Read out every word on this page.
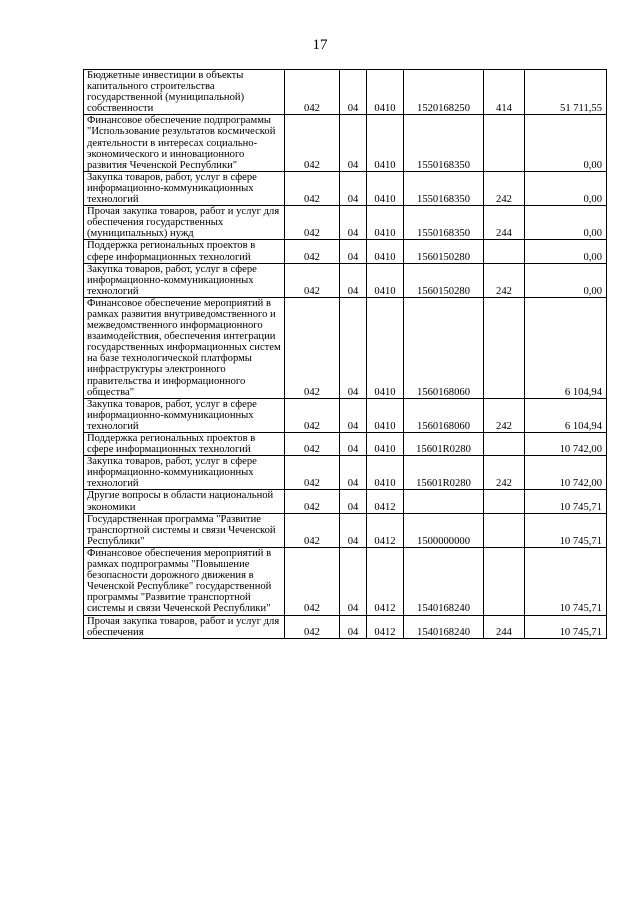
17
Бюджетные инвестиции в объекты капитального строительства государственной (муниципальной) собственности	042	04	0410	1520168250	414	51 711,55
Финансовое обеспечение подпрограммы "Использование результатов космической деятельности в интересах социально-экономического и инновационного развития Чеченской Республики"	042	04	0410	1550168350		0,00
Закупка товаров, работ, услуг в сфере информационно-коммуникационных технологий	042	04	0410	1550168350	242	0,00
Прочая закупка товаров, работ и услуг для обеспечения государственных (муниципальных) нужд	042	04	0410	1550168350	244	0,00
Поддержка региональных проектов в сфере информационных технологий	042	04	0410	1560150280		0,00
Закупка товаров, работ, услуг в сфере информационно-коммуникационных технологий	042	04	0410	1560150280	242	0,00
Финансовое обеспечение мероприятий в рамках развития внутриведомственного и межведомственного информационного взаимодействия, обеспечения интеграции государственных информационных систем на базе технологической платформы инфраструктуры электронного правительства и информационного общества"	042	04	0410	1560168060		6 104,94
Закупка товаров, работ, услуг в сфере информационно-коммуникационных технологий	042	04	0410	1560168060	242	6 104,94
Поддержка региональных проектов в сфере информационных технологий	042	04	0410	15601R0280		10 742,00
Закупка товаров, работ, услуг в сфере информационно-коммуникационных технологий	042	04	0410	15601R0280	242	10 742,00
Другие вопросы в области национальной экономики	042	04	0412			10 745,71
Государственная программа "Развитие транспортной системы и связи Чеченской Республики"	042	04	0412	1500000000		10 745,71
Финансовое обеспечения мероприятий в рамках подпрограммы "Повышение безопасности дорожного движения в Чеченской Республике" государственной программы "Развитие транспортной системы и связи Чеченской Республики"	042	04	0412	1540168240		10 745,71
Прочая закупка товаров, работ и услуг для обеспечения	042	04	0412	1540168240	244	10 745,71
